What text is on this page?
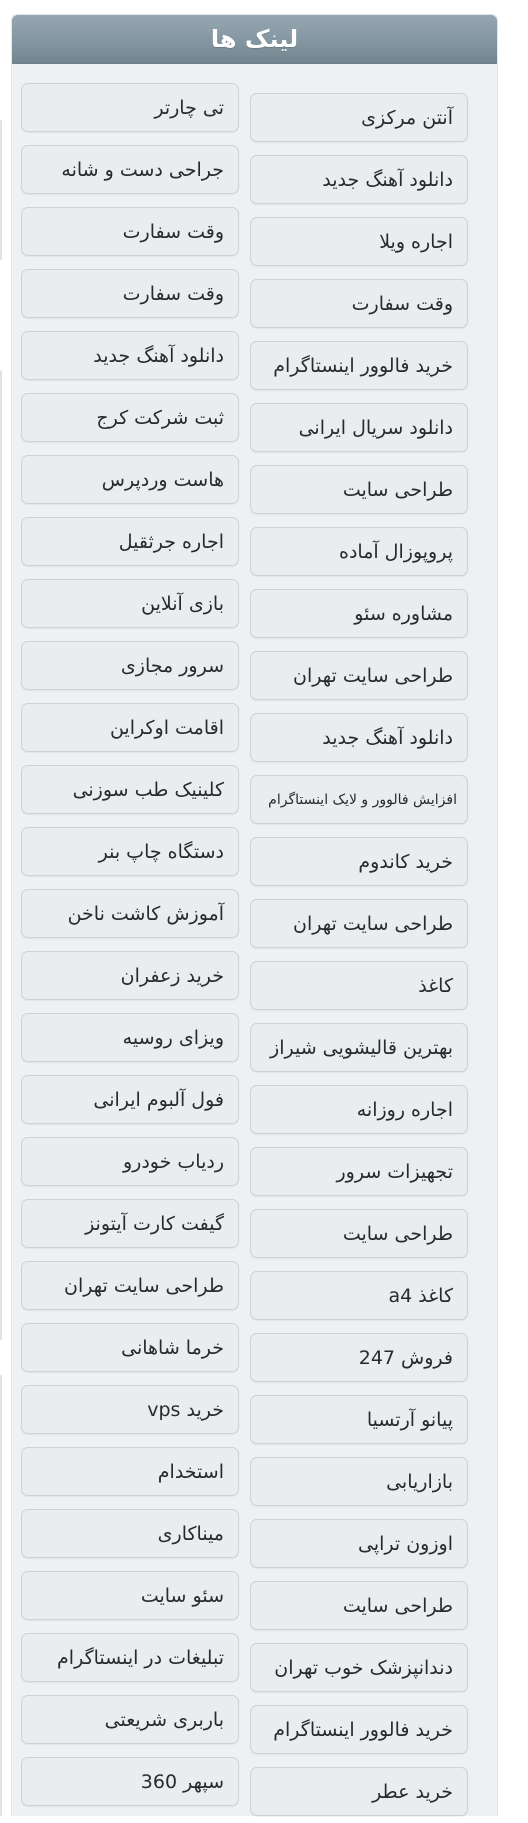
لینک ها
تی چارتر	آنتن مرکزی
جراحی دست و شانه	دانلود آهنگ جدید
وقت سفارت	اجاره ویلا
وقت سفارت	وقت سفارت
دانلود آهنگ جدید	خرید فالوور اینستاگرام
ثبت شرکت کرج	دانلود سریال ایرانی
هاست وردپرس	طراحی سایت
اجاره جرثقیل	پروپوزال آماده
بازی آنلاین	مشاوره سئو
سرور مجازی	طراحی سایت تهران
اقامت اوکراین	دانلود آهنگ جدید
کلینیک طب سوزنی	افزایش فالوور و لایک اینستاگرام
دستگاه چاپ بنر	خرید کاندوم
آموزش کاشت ناخن	طراحی سایت تهران
خرید زعفران	کاغذ
ویزای روسیه	بهترین قالیشویی شیراز
فول آلبوم ایرانی	اجاره روزانه
ردیاب خودرو	تجهیزات سرور
گیفت کارت آیتونز	طراحی سایت
طراحی سایت تهران	کاغذ a4
خرما شاهانی	فروش 247
خرید vps	پیانو آرتسیا
استخدام	بازاریابی
میناکاری	اوزون تراپی
سئو سایت	طراحی سایت
تبلیغات در اینستاگرام	دندانپزشک خوب تهران
باربری شریعتی	خرید فالوور اینستاگرام
سپهر 360	خرید عطر
